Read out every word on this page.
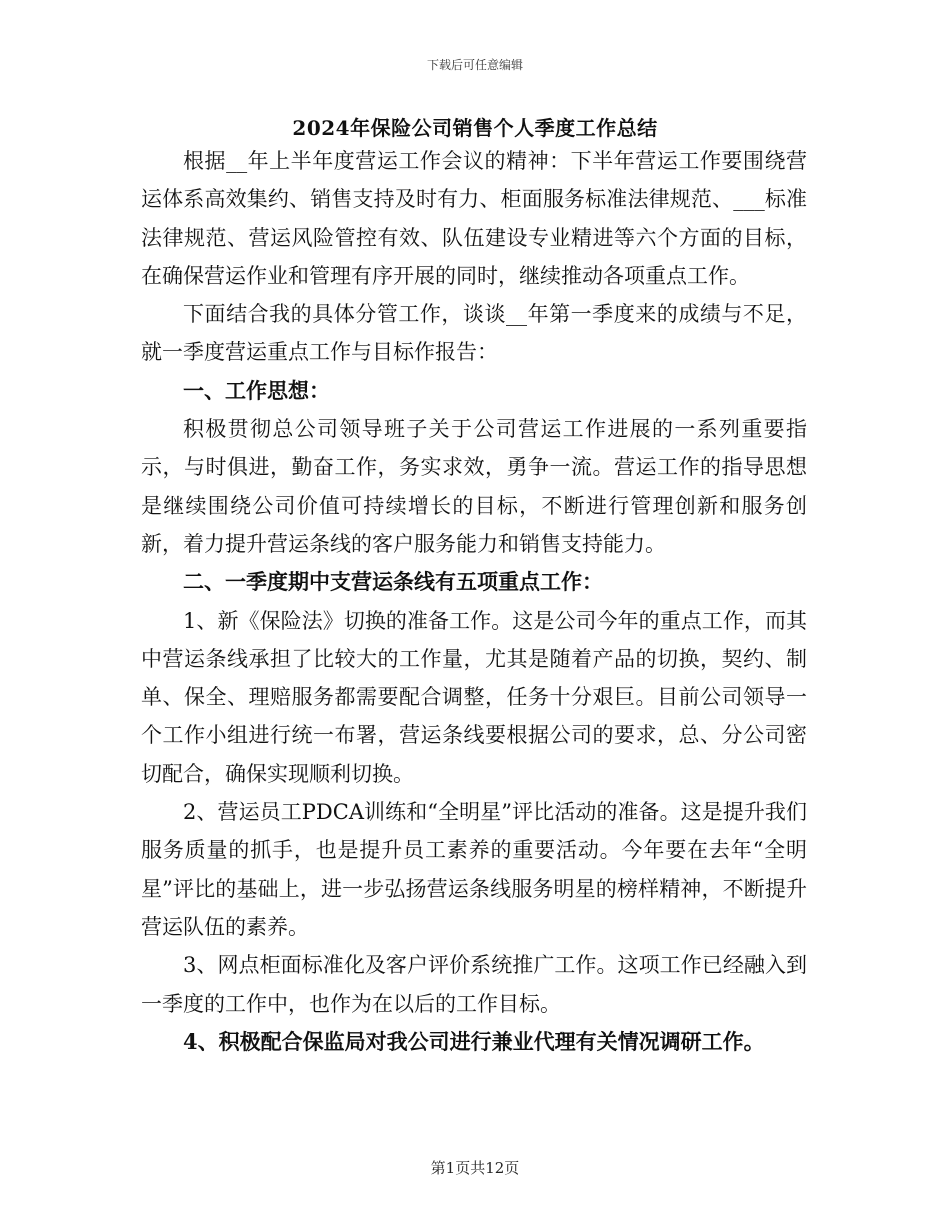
下载后可任意编辑
2024年保险公司销售个人季度工作总结

根据__年上半年度营运工作会议的精神：下半年营运工作要围绕营运体系高效集约、销售支持及时有力、柜面服务标准法律规范、___标准法律规范、营运风险管控有效、队伍建设专业精进等六个方面的目标，在确保营运作业和管理有序开展的同时，继续推动各项重点工作。

下面结合我的具体分管工作，谈谈__年第一季度来的成绩与不足，就一季度营运重点工作与目标作报告：

一、工作思想：

积极贯彻总公司领导班子关于公司营运工作进展的一系列重要指示，与时俱进，勤奋工作，务实求效，勇争一流。营运工作的指导思想是继续围绕公司价值可持续增长的目标，不断进行管理创新和服务创新，着力提升营运条线的客户服务能力和销售支持能力。

二、一季度期中支营运条线有五项重点工作：

1、新《保险法》切换的准备工作。这是公司今年的重点工作，而其中营运条线承担了比较大的工作量，尤其是随着产品的切换，契约、制单、保全、理赔服务都需要配合调整，任务十分艰巨。目前公司领导一个工作小组进行统一布署，营运条线要根据公司的要求，总、分公司密切配合，确保实现顺利切换。

2、营运员工PDCA训练和“全明星”评比活动的准备。这是提升我们服务质量的抓手，也是提升员工素养的重要活动。今年要在去年“全明星”评比的基础上，进一步弘扬营运条线服务明星的榜样精神，不断提升营运队伍的素养。

3、网点柜面标准化及客户评价系统推广工作。这项工作已经融入到一季度的工作中，也作为在以后的工作目标。

4、积极配合保监局对我公司进行兼业代理有关情况调研工作。

第1页共12页
